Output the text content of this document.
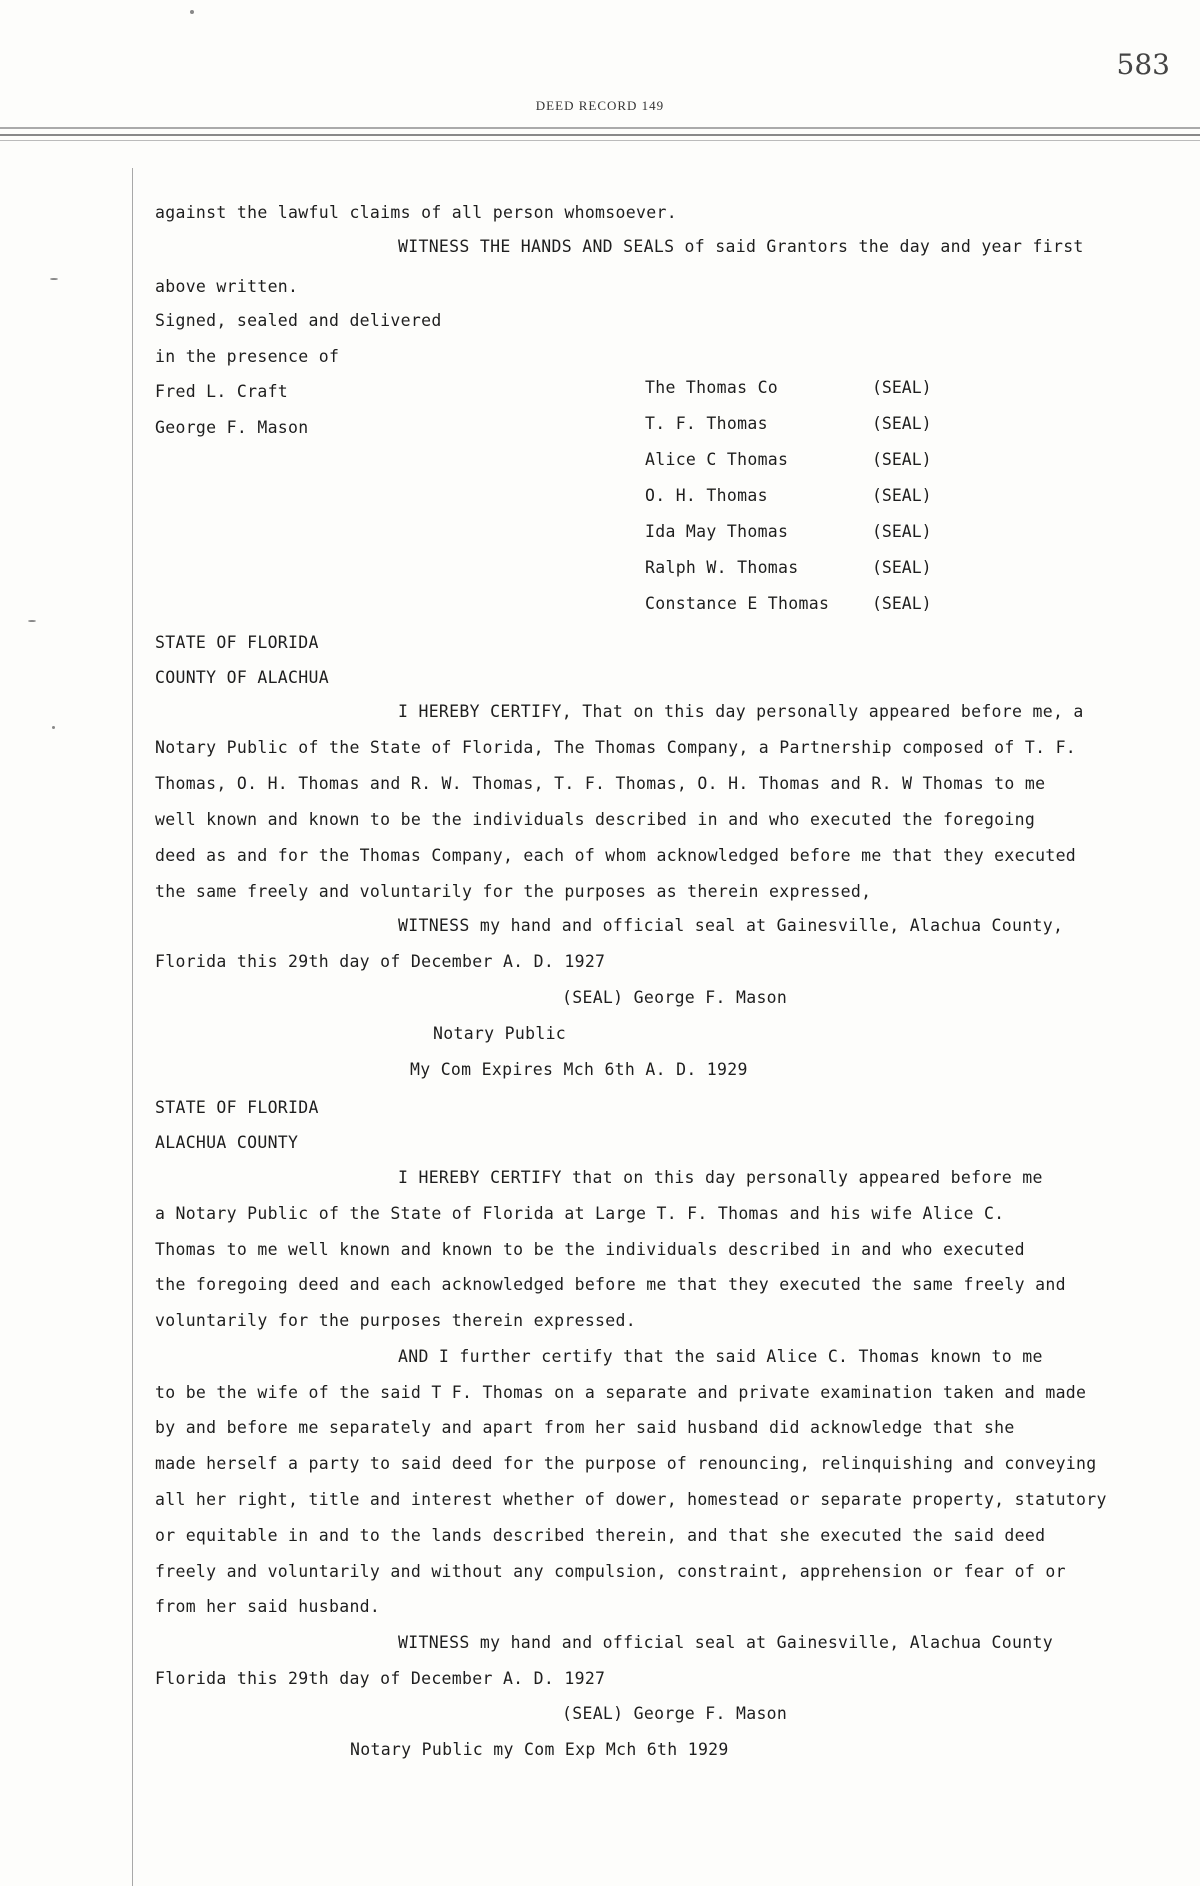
583
DEED RECORD 149
against the lawful claims of all person whomsoever.
WITNESS THE HANDS AND SEALS of said Grantors the day and year first
above written.
Signed, sealed and delivered
in the presence of
Fred L. Craft
George F. Mason
The Thomas Co	(SEAL)
T. F. Thomas	(SEAL)
Alice C Thomas	(SEAL)
O. H. Thomas	(SEAL)
Ida May Thomas	(SEAL)
Ralph W. Thomas	(SEAL)
Constance E Thomas	(SEAL)
STATE OF FLORIDA
COUNTY OF ALACHUA
I HEREBY CERTIFY, That on this day personally appeared before me, a
Notary Public of the State of Florida, The Thomas Company, a Partnership composed of T. F.
Thomas, O. H. Thomas and R. W. Thomas, T. F. Thomas, O. H. Thomas and R. W Thomas to me
well known and known to be the individuals described in and who executed the foregoing
deed as and for the Thomas Company, each of whom acknowledged before me that they executed
the same freely and voluntarily for the purposes as therein expressed,
WITNESS my hand and official seal at Gainesville, Alachua County,
Florida this 29th day of December A. D. 1927
(SEAL) George F. Mason
Notary Public
My Com Expires Mch 6th A. D. 1929
STATE OF FLORIDA
ALACHUA COUNTY
I HEREBY CERTIFY that on this day personally appeared before me
a Notary Public of the State of Florida at Large T. F. Thomas and his wife Alice C.
Thomas to me well known and known to be the individuals described in and who executed
the foregoing deed and each acknowledged before me that they executed the same freely and
voluntarily for the purposes therein expressed.
AND I further certify that the said Alice C. Thomas known to me
to be the wife of the said T F. Thomas on a separate and private examination taken and made
by and before me separately and apart from her said husband did acknowledge that she
made herself a party to said deed for the purpose of renouncing, relinquishing and conveying
all her right, title and interest whether of dower, homestead or separate property, statutory
or equitable in and to the lands described therein, and that she executed the said deed
freely and voluntarily and without any compulsion, constraint, apprehension or fear of or
from her said husband.
WITNESS my hand and official seal at Gainesville, Alachua County
Florida this 29th day of December A. D. 1927
(SEAL) George F. Mason
Notary Public my Com Exp Mch 6th 1929
